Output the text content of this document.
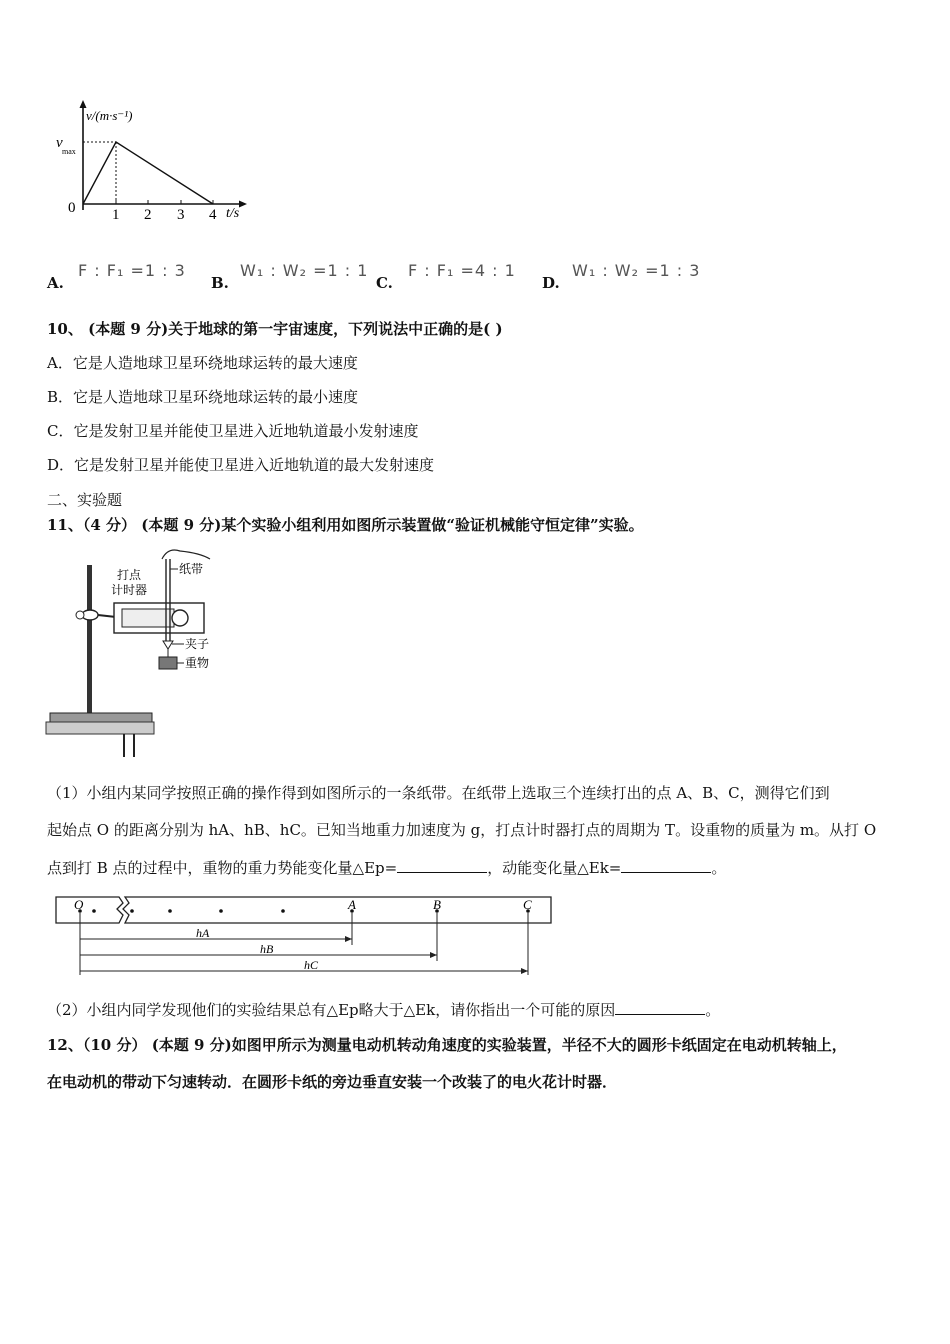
v/(m·s⁻¹)
v
max
0 1 2 3 4 t/s
A.
F : F₁ =1 : 3
B.
W₁ : W₂ =1 : 1
C.
F : F₁ =4 : 1
D.
W₁ : W₂ =1 : 3
10、 (本题 9 分)关于地球的第一宇宙速度，下列说法中正确的是( )
A．它是人造地球卫星环绕地球运转的最大速度
B．它是人造地球卫星环绕地球运转的最小速度
C．它是发射卫星并能使卫星进入近地轨道最小发射速度
D．它是发射卫星并能使卫星进入近地轨道的最大发射速度
二、实验题
11、（4 分） (本题 9 分)某个实验小组利用如图所示装置做“验证机械能守恒定律”实验。
打点
计时器
纸带
夹子
重物
（1）小组内某同学按照正确的操作得到如图所示的一条纸带。在纸带上选取三个连续打出的点 A、B、C，测得它们到
起始点 O 的距离分别为 hA、hB、hC。已知当地重力加速度为 g，打点计时器打点的周期为 T。设重物的质量为 m。从打 O
点到打 B 点的过程中，重物的重力势能变化量△Ep=	，动能变化量△Ek=	。
O	A	B	C
hA
hB
hC
（2）小组内同学发现他们的实验结果总有△Ep略大于△Ek，请你指出一个可能的原因	。
12、（10 分） (本题 9 分)如图甲所示为测量电动机转动角速度的实验装置，半径不大的圆形卡纸固定在电动机转轴上，
在电动机的带动下匀速转动．在圆形卡纸的旁边垂直安装一个改装了的电火花计时器．
